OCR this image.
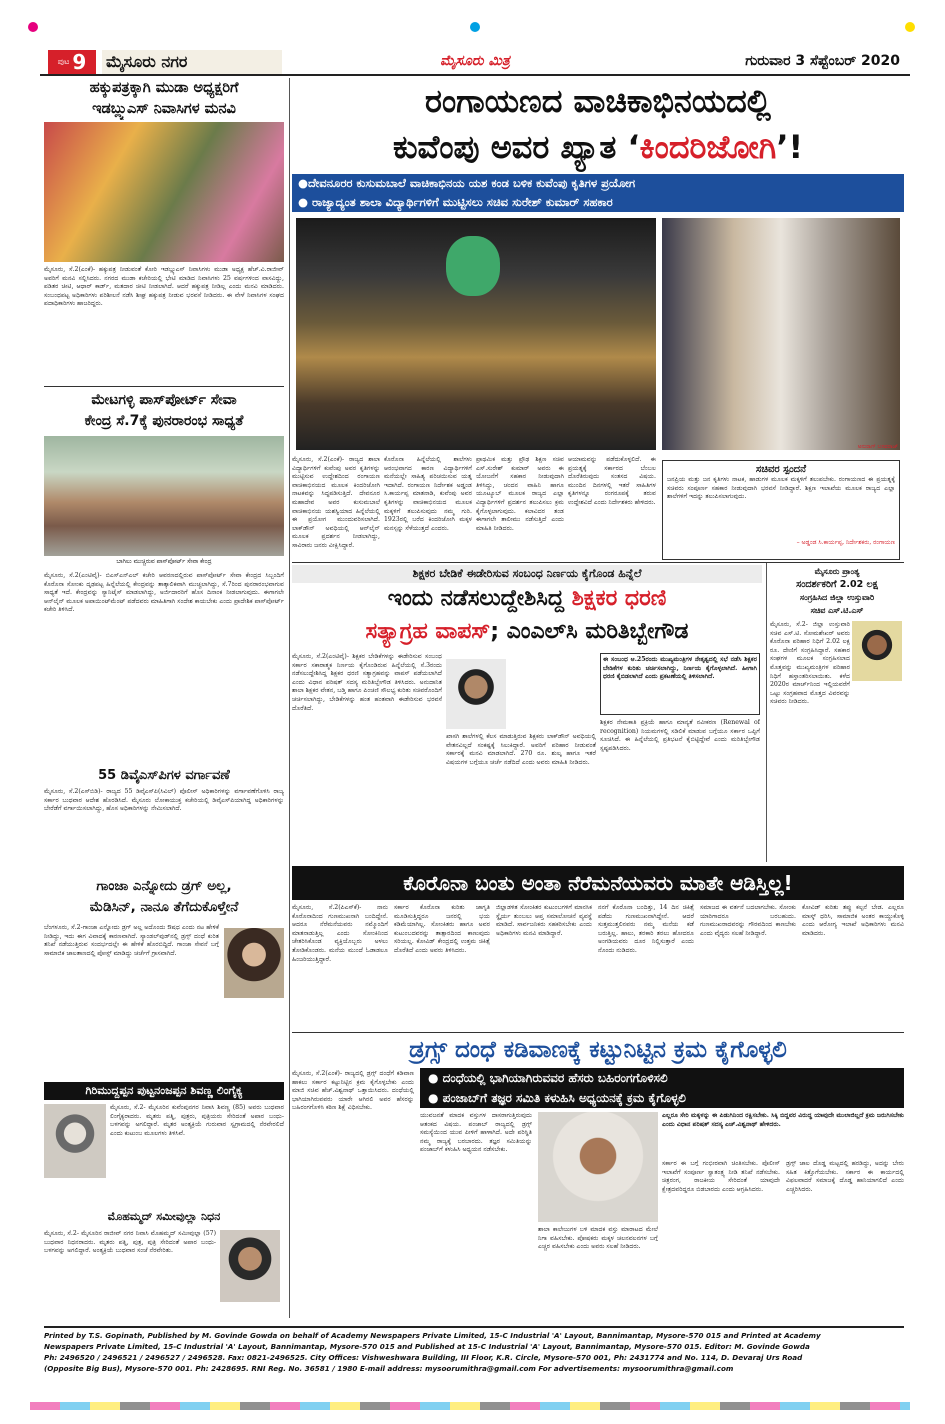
ಪುಟ 9 ಮೈಸೂರು ನಗರ	ಮೈಸೂರು ಮಿತ್ರ	ಗುರುವಾರ 3 ಸೆಪ್ಟೆಂಬರ್ 2020
ಹಕ್ಕುಪತ್ರಕ್ಕಾಗಿ ಮುಡಾ ಅಧ್ಯಕ್ಷರಿಗೆ
ಇಡಬ್ಲ್ಯುಎಸ್ ನಿವಾಸಿಗಳ ಮನವಿ
ಮೈಸೂರು, ಸೆ.2(ಎಂಕೆ)- ಹಕ್ಕುಪತ್ರ ನೀಡುವಂತೆ ಕೋರಿ ಇಡಬ್ಲ್ಯುಎಸ್ ನಿವಾಸಿಗಳು ಮುಡಾ ಅಧ್ಯಕ್ಷ ಹೆಚ್.ವಿ.ರಾಜೀವ್ ಅವರಿಗೆ ಮನವಿ ಸಲ್ಲಿಸಿದರು. ನಗರದ ಮುಡಾ ಕಚೇರಿಯಲ್ಲಿ ಭೇಟಿ ಮಾಡಿದ ನಿವಾಸಿಗಳು 25 ವರ್ಷಗಳಿಂದ ವಾಸವಿದ್ದು, ಪಡಿತರ ಚೀಟಿ, ಆಧಾರ್ ಕಾರ್ಡ್, ಮತದಾರ ಚೀಟಿ ನೀಡಲಾಗಿದೆ. ಆದರೆ ಹಕ್ಕುಪತ್ರ ನೀಡಿಲ್ಲ ಎಂದು ಮನವಿ ಮಾಡಿದರು. ಸಂಬಂಧಪಟ್ಟ ಅಧಿಕಾರಿಗಳು ಪರಿಶೀಲನೆ ನಡೆಸಿ ಶೀಘ್ರ ಹಕ್ಕುಪತ್ರ ನೀಡುವ ಭರವಸೆ ನೀಡಿದರು. ಈ ವೇಳೆ ನಿವಾಸಿಗಳ ಸಂಘದ ಪದಾಧಿಕಾರಿಗಳು ಹಾಜರಿದ್ದರು.
ಮೇಟಗಳ್ಳಿ ಪಾಸ್‌ಪೋರ್ಟ್ ಸೇವಾ
ಕೇಂದ್ರ ಸೆ.7ಕ್ಕೆ ಪುನರಾರಂಭ ಸಾಧ್ಯತೆ
ಬಾಗಿಲು ಮುಚ್ಚಿರುವ ಪಾಸ್‌ಪೋರ್ಟ್ ಸೇವಾ ಕೇಂದ್ರ
ಮೈಸೂರು, ಸೆ.2(ಎಂಟಿವೈ)- ಬಿಎಸ್‌ಎನ್‌ಎಲ್ ಕಚೇರಿ ಆವರಣದಲ್ಲಿರುವ ಪಾಸ್‌ಪೋರ್ಟ್ ಸೇವಾ ಕೇಂದ್ರದ ಸಿಬ್ಬಂದಿಗೆ ಕೊರೊನಾ ಸೋಂಕು ದೃಢಪಟ್ಟ ಹಿನ್ನೆಲೆಯಲ್ಲಿ ಕೇಂದ್ರವನ್ನು ತಾತ್ಕಾಲಿಕವಾಗಿ ಮುಚ್ಚಲಾಗಿದ್ದು, ಸೆ.7ರಿಂದ ಪುನರಾರಂಭವಾಗುವ ಸಾಧ್ಯತೆ ಇದೆ. ಕೇಂದ್ರವನ್ನು ಸ್ಯಾನಿಟೈಸ್ ಮಾಡಲಾಗಿದ್ದು, ಅರ್ಜಿದಾರರಿಗೆ ಹೊಸ ದಿನಾಂಕ ನೀಡಲಾಗುವುದು. ಈಗಾಗಲೇ ಆನ್‌ಲೈನ್ ಮೂಲಕ ಅಪಾಯಿಂಟ್‌ಮೆಂಟ್ ಪಡೆದವರು ಮಾಹಿತಿಗಾಗಿ ಸಂದೇಶ ಕಾಯಬೇಕು ಎಂದು ಪ್ರಾದೇಶಿಕ ಪಾಸ್‌ಪೋರ್ಟ್ ಕಚೇರಿ ತಿಳಿಸಿದೆ.
55 ಡಿವೈಎಸ್‌ಪಿಗಳ ವರ್ಗಾವಣೆ
ಮೈಸೂರು, ಸೆ.2(ಎಸ್‌ಬಿಡಿ)- ರಾಜ್ಯದ 55 ಡಿವೈಎಸ್‌ಪಿ(ಸಿವಿಲ್) ಪೊಲೀಸ್ ಅಧಿಕಾರಿಗಳನ್ನು ವರ್ಗಾವಣೆಗೊಳಿಸಿ ರಾಜ್ಯ ಸರ್ಕಾರ ಬುಧವಾರ ಆದೇಶ ಹೊರಡಿಸಿದೆ. ಮೈಸೂರು ಲೋಕಾಯುಕ್ತ ಕಚೇರಿಯಲ್ಲಿ ಡಿವೈಎಸ್‌ಪಿಯಾಗಿದ್ದ ಅಧಿಕಾರಿಗಳನ್ನು ಬೇರೆಡೆಗೆ ವರ್ಗಾಯಿಸಲಾಗಿದ್ದು, ಹೊಸ ಅಧಿಕಾರಿಗಳನ್ನು ನೇಮಿಸಲಾಗಿದೆ.
ಗಾಂಜಾ ಎನ್ನೋದು ಡ್ರಗ್ ಅಲ್ಲ,
ಮೆಡಿಸಿನ್, ನಾನೂ ತೆಗೆದುಕೊಳ್ತೇನೆ
ಬೆಂಗಳೂರು, ಸೆ.2-ಗಾಂಜಾ ಎನ್ನೋದು ಡ್ರಗ್ ಅಲ್ಲ ಅದೊಂದು ಔಷಧ ಎಂದು ನಟ ಹೇಳಿಕೆ ನೀಡಿದ್ದು, ಇದು ಈಗ ವಿವಾದಕ್ಕೆ ಕಾರಣವಾಗಿದೆ. ಸ್ಯಾಂಡಲ್‌ವುಡ್‌ನಲ್ಲಿ ಡ್ರಗ್ಸ್ ದಂಧೆ ಕುರಿತ ತನಿಖೆ ನಡೆಯುತ್ತಿರುವ ಸಂದರ್ಭದಲ್ಲೇ ಈ ಹೇಳಿಕೆ ಹೊರಬಿದ್ದಿದೆ. ಗಾಂಜಾ ಸೇವನೆ ಬಗ್ಗೆ ಸಾಮಾಜಿಕ ಜಾಲತಾಣದಲ್ಲಿ ಪೋಸ್ಟ್ ಮಾಡಿದ್ದು ಚರ್ಚೆಗೆ ಗ್ರಾಸವಾಗಿದೆ.
ಗಿರಿಮುದ್ದಪ್ಪನ ಪುಟ್ಟನಂಜಪ್ಪನ ಶಿವಣ್ಣ ಲಿಂಗೈಕ್ಯ
ಮೈಸೂರು, ಸೆ.2- ಮೈಸೂರಿನ ಕುವೆಂಪುನಗರ ನಿವಾಸಿ ಶಿವಣ್ಣ (85) ಅವರು ಬುಧವಾರ ಲಿಂಗೈಕ್ಯರಾದರು. ಮೃತರು ಪತ್ನಿ, ಪುತ್ರರು, ಪುತ್ರಿಯರು ಸೇರಿದಂತೆ ಅಪಾರ ಬಂಧು-ಬಳಗವನ್ನು ಅಗಲಿದ್ದಾರೆ. ಮೃತರ ಅಂತ್ಯಕ್ರಿಯೆ ಗುರುವಾರ ಸ್ವಗ್ರಾಮದಲ್ಲಿ ನೆರವೇರಲಿದೆ ಎಂದು ಕುಟುಂಬ ಮೂಲಗಳು ತಿಳಿಸಿವೆ.
ಮೊಹಮ್ಮದ್ ಸಮೀವುಲ್ಲಾ ನಿಧನ
ಮೈಸೂರು, ಸೆ.2- ಮೈಸೂರಿನ ರಾಜೀವ್ ನಗರ ನಿವಾಸಿ ಮೊಹಮ್ಮದ್ ಸಮೀವುಲ್ಲಾ (57) ಬುಧವಾರ ನಿಧನರಾದರು. ಮೃತರು ಪತ್ನಿ, ಪುತ್ರ, ಪುತ್ರಿ ಸೇರಿದಂತೆ ಅಪಾರ ಬಂಧು-ಬಳಗವನ್ನು ಅಗಲಿದ್ದಾರೆ. ಅಂತ್ಯಕ್ರಿಯೆ ಬುಧವಾರ ಸಂಜೆ ನೆರವೇರಿತು.
ರಂಗಾಯಣದ ವಾಚಿಕಾಭಿನಯದಲ್ಲಿ
ಕುವೆಂಪು ಅವರ ಖ್ಯಾತ ‘ಕಿಂದರಿಜೋಗಿ’!
●ದೇವನೂರರ ಕುಸುಮಬಾಲೆ ವಾಚಿಕಾಭಿನಯ ಯಶ ಕಂಡ ಬಳಿಕ ಕುವೆಂಪು ಕೃತಿಗಳ ಪ್ರಯೋಗ
● ರಾಜ್ಯಾದ್ಯಂತ ಶಾಲಾ ವಿದ್ಯಾರ್ಥಿಗಳಿಗೆ ಮುಟ್ಟಿಸಲು ಸಚಿವ ಸುರೇಶ್ ಕುಮಾರ್ ಸಹಕಾರ
ಅನುರಾಗ್ ಬಸವರಾಜ್
ಮೈಸೂರು, ಸೆ.2(ಎಂಕೆ)- ರಾಜ್ಯದ ಶಾಲಾ ವಿದ್ಯಾರ್ಥಿಗಳಿಗೆ ಕುವೆಂಪು ಅವರ ಕೃತಿಗಳನ್ನು ಮುಟ್ಟಿಸುವ ಉದ್ದೇಶದಿಂದ ರಂಗಾಯಣ ವಾಚಿಕಾಭಿನಯದ ಮೂಲಕ ಕಿಂದರಿಜೋಗಿ ನಾಟಕವನ್ನು ಸಿದ್ಧಪಡಿಸುತ್ತಿದೆ. ದೇವನೂರ ಮಹಾದೇವ ಅವರ ಕುಸುಮಬಾಲೆ ವಾಚಿಕಾಭಿನಯ ಯಶಸ್ವಿಯಾದ ಹಿನ್ನೆಲೆಯಲ್ಲಿ ಈ ಪ್ರಯೋಗ ಮುಂದುವರಿಸಲಾಗಿದೆ. ಲಾಕ್‌ಡೌನ್ ಅವಧಿಯಲ್ಲಿ ಆನ್‌ಲೈನ್ ಮೂಲಕ ಪ್ರದರ್ಶನ ನೀಡಲಾಗಿದ್ದು, ಸಾವಿರಾರು ಜನರು ವೀಕ್ಷಿಸಿದ್ದಾರೆ.
ಕೊರೊನಾ ಹಿನ್ನೆಲೆಯಲ್ಲಿ ಶಾಲೆಗಳು ಆರಂಭವಾಗದ ಕಾರಣ ವಿದ್ಯಾರ್ಥಿಗಳಿಗೆ ಮನೆಯಲ್ಲೇ ಸಾಹಿತ್ಯ ಪರಿಚಯಿಸುವ ಯತ್ನ ಇದಾಗಿದೆ. ರಂಗಾಯಣ ನಿರ್ದೇಶಕ ಅಡ್ಡಂಡ ಸಿ.ಕಾರ್ಯಪ್ಪ ಮಾತನಾಡಿ, ಕುವೆಂಪು ಅವರ ಕೃತಿಗಳನ್ನು ವಾಚಿಕಾಭಿನಯದ ಮೂಲಕ ಮಕ್ಕಳಿಗೆ ತಲುಪಿಸುವುದು ನಮ್ಮ ಗುರಿ. 1923ರಲ್ಲಿ ಬರೆದ ಕಿಂದರಿಜೋಗಿ ಮಕ್ಕಳ ಮನಸ್ಸನ್ನು ಸೆಳೆಯುತ್ತದೆ ಎಂದರು.
ಪ್ರಾಥಮಿಕ ಮತ್ತು ಪ್ರೌಢ ಶಿಕ್ಷಣ ಸಚಿವ ಎಸ್.ಸುರೇಶ್ ಕುಮಾರ್ ಅವರು ಈ ಯೋಜನೆಗೆ ಸಹಕಾರ ನೀಡುವುದಾಗಿ ತಿಳಿಸಿದ್ದು, ಚಂದನ ವಾಹಿನಿ ಹಾಗೂ ಯೂಟ್ಯೂಬ್ ಮೂಲಕ ರಾಜ್ಯದ ಎಲ್ಲಾ ವಿದ್ಯಾರ್ಥಿಗಳಿಗೆ ಪ್ರದರ್ಶನ ತಲುಪಿಸಲು ಕ್ರಮ ಕೈಗೊಳ್ಳಲಾಗುವುದು. ಕಲಾವಿದರ ತಂಡ ಈಗಾಗಲೇ ತಾಲೀಮು ನಡೆಸುತ್ತಿದೆ ಎಂದು ಮಾಹಿತಿ ನೀಡಿದರು.
ಆಯಾಮವನ್ನು ಪಡೆದುಕೊಳ್ಳಲಿದೆ. ಈ ಪ್ರಯತ್ನಕ್ಕೆ ಸರ್ಕಾರದ ಬೆಂಬಲ ದೊರೆತಿರುವುದು ಸಂತಸದ ವಿಷಯ. ಮುಂದಿನ ದಿನಗಳಲ್ಲಿ ಇತರೆ ಸಾಹಿತಿಗಳ ಕೃತಿಗಳನ್ನೂ ರಂಗರೂಪಕ್ಕೆ ತರುವ ಉದ್ದೇಶವಿದೆ ಎಂದು ನಿರ್ದೇಶಕರು ಹೇಳಿದರು.
ಸಚಿವರ ಸ್ಪಂದನೆ
ಜನಪ್ರಿಯ ಮತ್ತು ಜನ ಕೃತಿಗಳು ನಾಟಕ, ಹಾಡುಗಳ ಮೂಲಕ ಮಕ್ಕಳಿಗೆ ತಲುಪಬೇಕು. ರಂಗಾಯಣದ ಈ ಪ್ರಯತ್ನಕ್ಕೆ ಸಚಿವರು ಸಂಪೂರ್ಣ ಸಹಕಾರ ನೀಡುವುದಾಗಿ ಭರವಸೆ ನೀಡಿದ್ದಾರೆ. ಶಿಕ್ಷಣ ಇಲಾಖೆಯ ಮೂಲಕ ರಾಜ್ಯದ ಎಲ್ಲಾ ಶಾಲೆಗಳಿಗೆ ಇದನ್ನು ತಲುಪಿಸಲಾಗುವುದು.
– ಅಡ್ಡಂಡ ಸಿ.ಕಾರ್ಯಪ್ಪ, ನಿರ್ದೇಶಕರು, ರಂಗಾಯಣ
ಶಿಕ್ಷಕರ ಬೇಡಿಕೆ ಈಡೇರಿಸುವ ಸಂಬಂಧ ನಿರ್ಣಯ ಕೈಗೊಂಡ ಹಿನ್ನೆಲೆ
ಇಂದು ನಡೆಸಲುದ್ದೇಶಿಸಿದ್ದ ಶಿಕ್ಷಕರ ಧರಣಿ
ಸತ್ಯಾಗ್ರಹ ವಾಪಸ್; ಎಂಎಲ್‌ಸಿ ಮರಿತಿಬ್ಬೇಗೌಡ
ಮೈಸೂರು, ಸೆ.2(ಎಂಟಿವೈ)- ಶಿಕ್ಷಕರ ಬೇಡಿಕೆಗಳನ್ನು ಈಡೇರಿಸುವ ಸಂಬಂಧ ಸರ್ಕಾರ ಸಕಾರಾತ್ಮಕ ನಿರ್ಣಯ ಕೈಗೊಂಡಿರುವ ಹಿನ್ನೆಲೆಯಲ್ಲಿ ಸೆ.3ರಂದು ನಡೆಸಲುದ್ದೇಶಿಸಿದ್ದ ಶಿಕ್ಷಕರ ಧರಣಿ ಸತ್ಯಾಗ್ರಹವನ್ನು ವಾಪಸ್ ಪಡೆಯಲಾಗಿದೆ ಎಂದು ವಿಧಾನ ಪರಿಷತ್ ಸದಸ್ಯ ಮರಿತಿಬ್ಬೇಗೌಡ ತಿಳಿಸಿದರು. ಅನುದಾನಿತ ಶಾಲಾ ಶಿಕ್ಷಕರ ವೇತನ, ಬಡ್ತಿ ಹಾಗೂ ಪಿಂಚಣಿ ಸೌಲಭ್ಯ ಕುರಿತು ಸಚಿವರೊಂದಿಗೆ ಚರ್ಚಿಸಲಾಗಿದ್ದು, ಬೇಡಿಕೆಗಳನ್ನು ಹಂತ ಹಂತವಾಗಿ ಈಡೇರಿಸುವ ಭರವಸೆ ದೊರೆತಿದೆ.
ಖಾಸಗಿ ಶಾಲೆಗಳಲ್ಲಿ ಕೆಲಸ ಮಾಡುತ್ತಿರುವ ಶಿಕ್ಷಕರು ಲಾಕ್‌ಡೌನ್ ಅವಧಿಯಲ್ಲಿ ವೇತನವಿಲ್ಲದೆ ಸಂಕಷ್ಟಕ್ಕೆ ಸಿಲುಕಿದ್ದಾರೆ. ಅವರಿಗೆ ಪರಿಹಾರ ನೀಡುವಂತೆ ಸರ್ಕಾರಕ್ಕೆ ಮನವಿ ಮಾಡಲಾಗಿದೆ. 270 ರೂ. ಶುಲ್ಕ ಹಾಗೂ ಇತರೆ ವಿಷಯಗಳ ಬಗ್ಗೆಯೂ ಚರ್ಚೆ ನಡೆದಿದೆ ಎಂದು ಅವರು ಮಾಹಿತಿ ನೀಡಿದರು.
ಈ ಸಂಬಂಧ ಆ.25ರಂದು ಮುಖ್ಯಮಂತ್ರಿಗಳ ನೇತೃತ್ವದಲ್ಲಿ ಸಭೆ ನಡೆಸಿ ಶಿಕ್ಷಕರ ಬೇಡಿಕೆಗಳ ಕುರಿತು ಚರ್ಚಿಸಲಾಗಿದ್ದು, ನಿರ್ಣಯ ಕೈಗೊಳ್ಳಲಾಗಿದೆ. ಹೀಗಾಗಿ ಧರಣಿ ಕೈಬಿಡಲಾಗಿದೆ ಎಂದು ಪ್ರಕಟಣೆಯಲ್ಲಿ ತಿಳಿಸಲಾಗಿದೆ.
ಶಿಕ್ಷಕರ ನೇಮಕಾತಿ ಪ್ರಕ್ರಿಯೆ ಹಾಗೂ ಮಾನ್ಯತೆ ನವೀಕರಣ (Renewal of recognition) ನಿಯಮಗಳಲ್ಲಿ ಸಡಿಲಿಕೆ ಮಾಡುವ ಬಗ್ಗೆಯೂ ಸರ್ಕಾರ ಒಪ್ಪಿಗೆ ಸೂಚಿಸಿದೆ. ಈ ಹಿನ್ನೆಲೆಯಲ್ಲಿ ಪ್ರತಿಭಟನೆ ಕೈಬಿಟ್ಟಿದ್ದೇವೆ ಎಂದು ಮರಿತಿಬ್ಬೇಗೌಡ ಸ್ಪಷ್ಟಪಡಿಸಿದರು.
ಮೈಸೂರು ಪ್ರಾಂತ್ಯ
ಸಂದರ್ಶಕರಿಗೆ 2.02 ಲಕ್ಷ
ಸಂಗ್ರಹಿಸಿದ ಜಿಲ್ಲಾ ಉಸ್ತುವಾರಿ
ಸಚಿವ ಎಸ್.ಟಿ.ಎಸ್
ಮೈಸೂರು, ಸೆ.2- ಜಿಲ್ಲಾ ಉಸ್ತುವಾರಿ ಸಚಿವ ಎಸ್.ಟಿ. ಸೋಮಶೇಖರ್ ಅವರು ಕೊರೊನಾ ಪರಿಹಾರ ನಿಧಿಗೆ 2.02 ಲಕ್ಷ ರೂ. ದೇಣಿಗೆ ಸಂಗ್ರಹಿಸಿದ್ದಾರೆ. ಸಹಕಾರ ಸಂಘಗಳ ಮೂಲಕ ಸಂಗ್ರಹಿಸಲಾದ ಮೊತ್ತವನ್ನು ಮುಖ್ಯಮಂತ್ರಿಗಳ ಪರಿಹಾರ ನಿಧಿಗೆ ಹಸ್ತಾಂತರಿಸಲಾಯಿತು. ಕಳೆದ 2020ರ ಮಾರ್ಚ್‌ನಿಂದ ಇಲ್ಲಿಯವರೆಗೆ ಒಟ್ಟು ಸಂಗ್ರಹವಾದ ಮೊತ್ತದ ವಿವರವನ್ನು ಸಚಿವರು ನೀಡಿದರು.
ಕೊರೊನಾ ಬಂತು ಅಂತಾ ನೆರೆಮನೆಯವರು ಮಾತೇ ಆಡಿಸ್ತಿಲ್ಲ!
ಮೈಸೂರು, ಸೆ.2(ಪಿಎಸ್‌ಕೆ)- ನಾನು ಕೊರೊನಾದಿಂದ ಗುಣಮುಖನಾಗಿ ಬಂದಿದ್ದೇನೆ. ಆದರೂ ನೆರೆಮನೆಯವರು ನಮ್ಮೊಂದಿಗೆ ಮಾತನಾಡುತ್ತಿಲ್ಲ ಎಂದು ಸೋಂಕಿನಿಂದ ಚೇತರಿಸಿಕೊಂಡ ವ್ಯಕ್ತಿಯೊಬ್ಬರು ಅಳಲು ತೋಡಿಕೊಂಡರು. ಮನೆಯ ಮುಂದೆ ಓಡಾಡಲೂ ಹಿಂಜರಿಯುತ್ತಿದ್ದಾರೆ.
ಸರ್ಕಾರ ಕೊರೊನಾ ಕುರಿತು ಜಾಗೃತಿ ಮೂಡಿಸುತ್ತಿದ್ದರೂ ಜನರಲ್ಲಿ ಭಯ ಕಡಿಮೆಯಾಗಿಲ್ಲ. ಸೋಂಕಿತರು ಹಾಗೂ ಅವರ ಕುಟುಂಬದವರನ್ನು ತಾತ್ಸಾರದಿಂದ ಕಾಣುವುದು ಸರಿಯಲ್ಲ. ಕೋವಿಡ್ ಕೇಂದ್ರದಲ್ಲಿ ಉತ್ತಮ ಚಿಕಿತ್ಸೆ ದೊರೆತಿದೆ ಎಂದು ಅವರು ತಿಳಿಸಿದರು.
ಜಿಲ್ಲಾಡಳಿತ ಸೋಂಕಿತರ ಕುಟುಂಬಗಳಿಗೆ ಮಾನಸಿಕ ಸ್ಥೈರ್ಯ ತುಂಬಲು ಆಪ್ತ ಸಮಾಲೋಚನೆ ವ್ಯವಸ್ಥೆ ಮಾಡಿದೆ. ಸಾರ್ವಜನಿಕರು ಸಹಕರಿಸಬೇಕು ಎಂದು ಅಧಿಕಾರಿಗಳು ಮನವಿ ಮಾಡಿದ್ದಾರೆ.
ನನಗೆ ಕೊರೊನಾ ಬಂದಿತ್ತು, 14 ದಿನ ಚಿಕಿತ್ಸೆ ಪಡೆದು ಗುಣಮುಖನಾಗಿದ್ದೇನೆ. ಆದರೆ ಸುತ್ತಮುತ್ತಲಿನವರು ನಮ್ಮ ಮನೆಯ ಕಡೆ ಬರುತ್ತಿಲ್ಲ. ಹಾಲು, ತರಕಾರಿ ತರಲು ಹೋದರೂ ಅಂಗಡಿಯವರು ದೂರ ನಿಲ್ಲಿಸುತ್ತಾರೆ ಎಂದು ನೊಂದು ನುಡಿದರು.
ಸಮಾಜದ ಈ ವರ್ತನೆ ಬದಲಾಗಬೇಕು. ಸೋಂಕು ಯಾರಿಗಾದರೂ ಬರಬಹುದು. ಗುಣಮುಖರಾದವರನ್ನು ಗೌರವದಿಂದ ಕಾಣಬೇಕು ಎಂದು ವೈದ್ಯರು ಸಲಹೆ ನೀಡಿದ್ದಾರೆ.
ಕೋವಿಡ್ ಕುರಿತು ತಪ್ಪು ಕಲ್ಪನೆ ಬೇಡ. ಎಲ್ಲರೂ ಮಾಸ್ಕ್ ಧರಿಸಿ, ಸಾಮಾಜಿಕ ಅಂತರ ಕಾಯ್ದುಕೊಳ್ಳಿ ಎಂದು ಆರೋಗ್ಯ ಇಲಾಖೆ ಅಧಿಕಾರಿಗಳು ಮನವಿ ಮಾಡಿದರು.
ಡ್ರಗ್ಸ್ ದಂಧೆ ಕಡಿವಾಣಕ್ಕೆ ಕಟ್ಟುನಿಟ್ಟಿನ ಕ್ರಮ ಕೈಗೊಳ್ಳಲಿ
● ದಂಧೆಯಲ್ಲಿ ಭಾಗಿಯಾಗಿರುವವರ ಹೆಸರು ಬಹಿರಂಗಗೊಳಿಸಲಿ
● ಪಂಜಾಬ್‌ಗೆ ತಜ್ಞರ ಸಮಿತಿ ಕಳುಹಿಸಿ ಅಧ್ಯಯನಕ್ಕೆ ಕ್ರಮ ಕೈಗೊಳ್ಳಲಿ
ಮೈಸೂರು, ಸೆ.2(ಎಂಕೆ)- ರಾಜ್ಯದಲ್ಲಿ ಡ್ರಗ್ಸ್ ದಂಧೆಗೆ ಕಡಿವಾಣ ಹಾಕಲು ಸರ್ಕಾರ ಕಟ್ಟುನಿಟ್ಟಿನ ಕ್ರಮ ಕೈಗೊಳ್ಳಬೇಕು ಎಂದು ಮಾಜಿ ಸಚಿವ ಹೆಚ್.ವಿಶ್ವನಾಥ್ ಒತ್ತಾಯಿಸಿದರು. ದಂಧೆಯಲ್ಲಿ ಭಾಗಿಯಾಗಿರುವವರು ಯಾರೇ ಆಗಿರಲಿ ಅವರ ಹೆಸರನ್ನು ಬಹಿರಂಗಗೊಳಿಸಿ ಕಠಿಣ ಶಿಕ್ಷೆ ವಿಧಿಸಬೇಕು.
ಯುವಜನತೆ ಮಾದಕ ವಸ್ತುಗಳ ದಾಸರಾಗುತ್ತಿರುವುದು ಆತಂಕದ ವಿಷಯ. ಪಂಜಾಬ್ ರಾಜ್ಯದಲ್ಲಿ ಡ್ರಗ್ಸ್ ಸಮಸ್ಯೆಯಿಂದ ಯುವ ಪೀಳಿಗೆ ಹಾಳಾಗಿದೆ. ಅದೇ ಪರಿಸ್ಥಿತಿ ನಮ್ಮ ರಾಜ್ಯಕ್ಕೆ ಬರಬಾರದು. ತಜ್ಞರ ಸಮಿತಿಯನ್ನು ಪಂಜಾಬ್‌ಗೆ ಕಳುಹಿಸಿ ಅಧ್ಯಯನ ನಡೆಸಬೇಕು.
ಶಾಲಾ ಕಾಲೇಜುಗಳ ಬಳಿ ಮಾದಕ ವಸ್ತು ಮಾರಾಟದ ಮೇಲೆ ನಿಗಾ ವಹಿಸಬೇಕು. ಪೋಷಕರು ಮಕ್ಕಳ ಚಲನವಲನಗಳ ಬಗ್ಗೆ ಎಚ್ಚರ ವಹಿಸಬೇಕು ಎಂದು ಅವರು ಸಲಹೆ ನೀಡಿದರು.
ಎಲ್ಲರೂ ಸೇರಿ ಮಕ್ಕಳನ್ನು ಈ ಪಿಡುಗಿನಿಂದ ರಕ್ಷಿಸಬೇಕು. ಸಿಕ್ಕಿ ಬಿದ್ದವರ ವಿರುದ್ಧ ಯಾವುದೇ ಮುಲಾಜಿಲ್ಲದೆ ಕ್ರಮ ಜರುಗಿಸಬೇಕು ಎಂದು ವಿಧಾನ ಪರಿಷತ್ ಸದಸ್ಯ ಎಚ್.ವಿಶ್ವನಾಥ್ ಹೇಳಿದರು.
ಸರ್ಕಾರ ಈ ಬಗ್ಗೆ ಗಂಭೀರವಾಗಿ ಚಿಂತಿಸಬೇಕು. ಪೊಲೀಸ್ ಇಲಾಖೆಗೆ ಸಂಪೂರ್ಣ ಸ್ವಾತಂತ್ರ್ಯ ನೀಡಿ ತನಿಖೆ ನಡೆಸಬೇಕು. ಚಿತ್ರರಂಗ, ರಾಜಕೀಯ ಸೇರಿದಂತೆ ಯಾವುದೇ ಕ್ಷೇತ್ರದವರಿದ್ದರೂ ಬಿಡಬಾರದು ಎಂದು ಆಗ್ರಹಿಸಿದರು.
ಡ್ರಗ್ಸ್ ಜಾಲ ದೊಡ್ಡ ಮಟ್ಟದಲ್ಲಿ ಹರಡಿದ್ದು, ಅದನ್ನು ಬೇರು ಸಹಿತ ಕಿತ್ತೊಗೆಯಬೇಕು. ಸರ್ಕಾರ ಈ ಕಾರ್ಯದಲ್ಲಿ ವಿಫಲವಾದರೆ ಸಮಾಜಕ್ಕೆ ದೊಡ್ಡ ಹಾನಿಯಾಗಲಿದೆ ಎಂದು ಎಚ್ಚರಿಸಿದರು.
Printed by T.S. Gopinath, Published by M. Govinde Gowda on behalf of Academy Newspapers Private Limited, 15-C Industrial 'A' Layout, Bannimantap, Mysore-570 015 and Printed at Academy
Newspapers Private Limited, 15-C Industrial 'A' Layout, Bannimantap, Mysore-570 015 and Published at 15-C Industrial 'A' Layout, Bannimantap, Mysore-570 015. Editor: M. Govinde Gowda
Ph: 2496520 / 2496521 / 2496527 / 2496528. Fax: 0821-2496525. City Offices: Vishweshwara Building, III Floor, K.R. Circle, Mysore-570 001, Ph: 2431774 and No. 114, D. Devaraj Urs Road
(Opposite Big Bus), Mysore-570 001. Ph: 2428695. RNI Reg. No. 36581 / 1980 E-mail address: mysoorumithra@gmail.com For advertisements: mysoorumithra@gmail.com
